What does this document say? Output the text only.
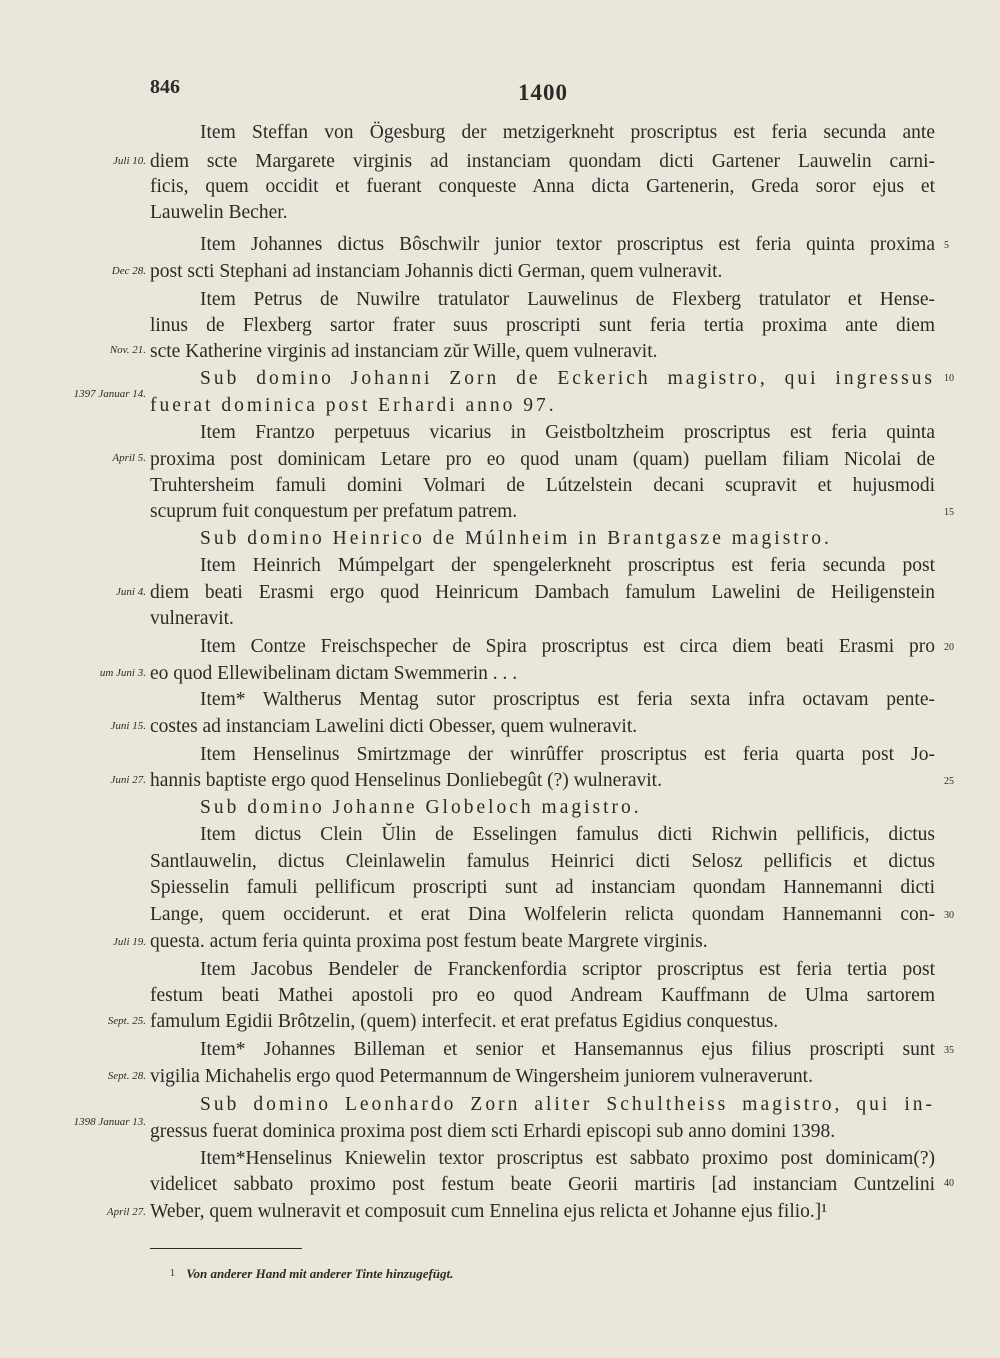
846	1400
Item Steffan von Ögesburg der metzigerkneht proscriptus est feria secunda ante
diem scte Margarete virginis ad instanciam quondam dicti Gartener Lauwelin carni-
ficis, quem occidit et fuerant conqueste Anna dicta Gartenerin, Greda soror ejus et
Lauwelin Becher.
Item Johannes dictus Bôschwilr junior textor proscriptus est feria quinta proxima
post scti Stephani ad instanciam Johannis dicti German, quem vulneravit.
Item Petrus de Nuwilre tratulator Lauwelinus de Flexberg tratulator et Hense-
linus de Flexberg sartor frater suus proscripti sunt feria tertia proxima ante diem
scte Katherine virginis ad instanciam zŭr Wille, quem vulneravit.
Sub domino Johanni Zorn de Eckerich magistro, qui ingressus
fuerat dominica post Erhardi anno 97.
Item Frantzo perpetuus vicarius in Geistboltzheim proscriptus est feria quinta
proxima post dominicam Letare pro eo quod unam (quam) puellam filiam Nicolai de
Truhtersheim famuli domini Volmari de Lútzelstein decani scupravit et hujusmodi
scuprum fuit conquestum per prefatum patrem.
Sub domino Heinrico de Múlnheim in Brantgasze magistro.
Item Heinrich Múmpelgart der spengelerkneht proscriptus est feria secunda post
diem beati Erasmi ergo quod Heinricum Dambach famulum Lawelini de Heiligenstein
vulneravit.
Item Contze Freischspecher de Spira proscriptus est circa diem beati Erasmi pro
eo quod Ellewibelinam dictam Swemmerin . . .
Item* Waltherus Mentag sutor proscriptus est feria sexta infra octavam pente-
costes ad instanciam Lawelini dicti Obesser, quem wulneravit.
Item Henselinus Smirtzmage der winrûffer proscriptus est feria quarta post Jo-
hannis baptiste ergo quod Henselinus Donliebegût (?) wulneravit.
Sub domino Johanne Globeloch magistro.
Item dictus Clein Ŭlin de Esselingen famulus dicti Richwin pellificis, dictus
Santlauwelin, dictus Cleinlawelin famulus Heinrici dicti Selosz pellificis et dictus
Spiesselin famuli pellificum proscripti sunt ad instanciam quondam Hannemanni dicti
Lange, quem occiderunt. et erat Dina Wolfelerin relicta quondam Hannemanni con-
questa. actum feria quinta proxima post festum beate Margrete virginis.
Item Jacobus Bendeler de Franckenfordia scriptor proscriptus est feria tertia post
festum beati Mathei apostoli pro eo quod Andream Kauffmann de Ulma sartorem
famulum Egidii Brôtzelin, (quem) interfecit. et erat prefatus Egidius conquestus.
Item* Johannes Billeman et senior et Hansemannus ejus filius proscripti sunt
vigilia Michahelis ergo quod Petermannum de Wingersheim juniorem vulneraverunt.
Sub domino Leonhardo Zorn aliter Schultheiss magistro, qui in-
gressus fuerat dominica proxima post diem scti Erhardi episcopi sub anno domini 1398.
Item*Henselinus Kniewelin textor proscriptus est sabbato proximo post dominicam(?)
videlicet sabbato proximo post festum beate Georii martiris [ad instanciam Cuntzelini
Weber, quem wulneravit et composuit cum Ennelina ejus relicta et Johanne ejus filio.]¹
Juli 10.
Dec 28.
Nov. 21.
1397 Januar 14.
April 5.
Juni 4.
um Juni 3.
Juni 15.
Juni 27.
Juli 19.
Sept. 25.
Sept. 28.
1398 Januar 13.
April 27.
5
10
15
20
25
30
35
40
1 Von anderer Hand mit anderer Tinte hinzugefügt.
